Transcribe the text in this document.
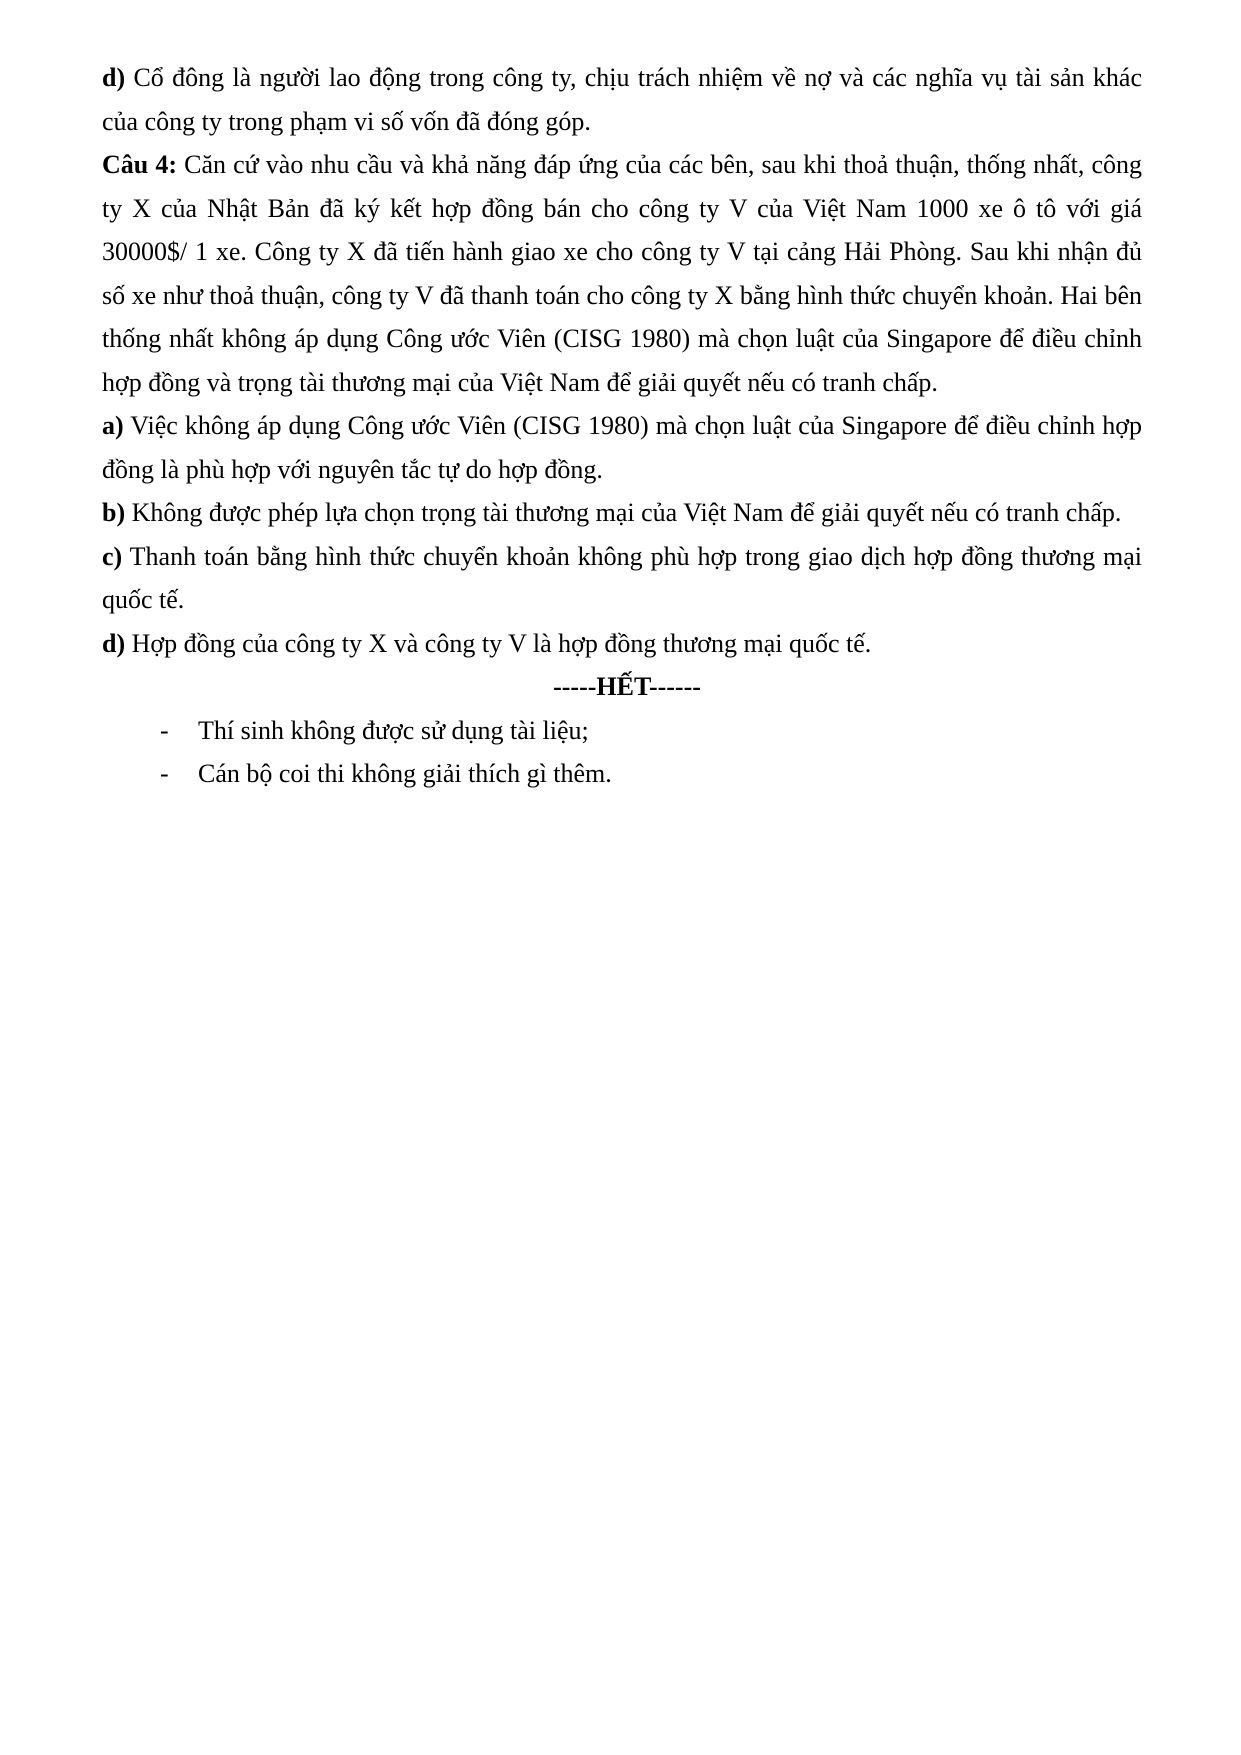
d) Cổ đông là người lao động trong công ty, chịu trách nhiệm về nợ và các nghĩa vụ tài sản khác của công ty trong phạm vi số vốn đã đóng góp.

Câu 4: Căn cứ vào nhu cầu và khả năng đáp ứng của các bên, sau khi thoả thuận, thống nhất, công ty X của Nhật Bản đã ký kết hợp đồng bán cho công ty V của Việt Nam 1000 xe ô tô với giá 30000$/ 1 xe. Công ty X đã tiến hành giao xe cho công ty V tại cảng Hải Phòng. Sau khi nhận đủ số xe như thoả thuận, công ty V đã thanh toán cho công ty X bằng hình thức chuyển khoản. Hai bên thống nhất không áp dụng Công ước Viên (CISG 1980) mà chọn luật của Singapore để điều chỉnh hợp đồng và trọng tài thương mại của Việt Nam để giải quyết nếu có tranh chấp.

a) Việc không áp dụng Công ước Viên (CISG 1980) mà chọn luật của Singapore để điều chỉnh hợp đồng là phù hợp với nguyên tắc tự do hợp đồng.

b) Không được phép lựa chọn trọng tài thương mại của Việt Nam để giải quyết nếu có tranh chấp.

c) Thanh toán bằng hình thức chuyển khoản không phù hợp trong giao dịch hợp đồng thương mại quốc tế.

d) Hợp đồng của công ty X và công ty V là hợp đồng thương mại quốc tế.

-----HẾT------

- Thí sinh không được sử dụng tài liệu;
- Cán bộ coi thi không giải thích gì thêm.
